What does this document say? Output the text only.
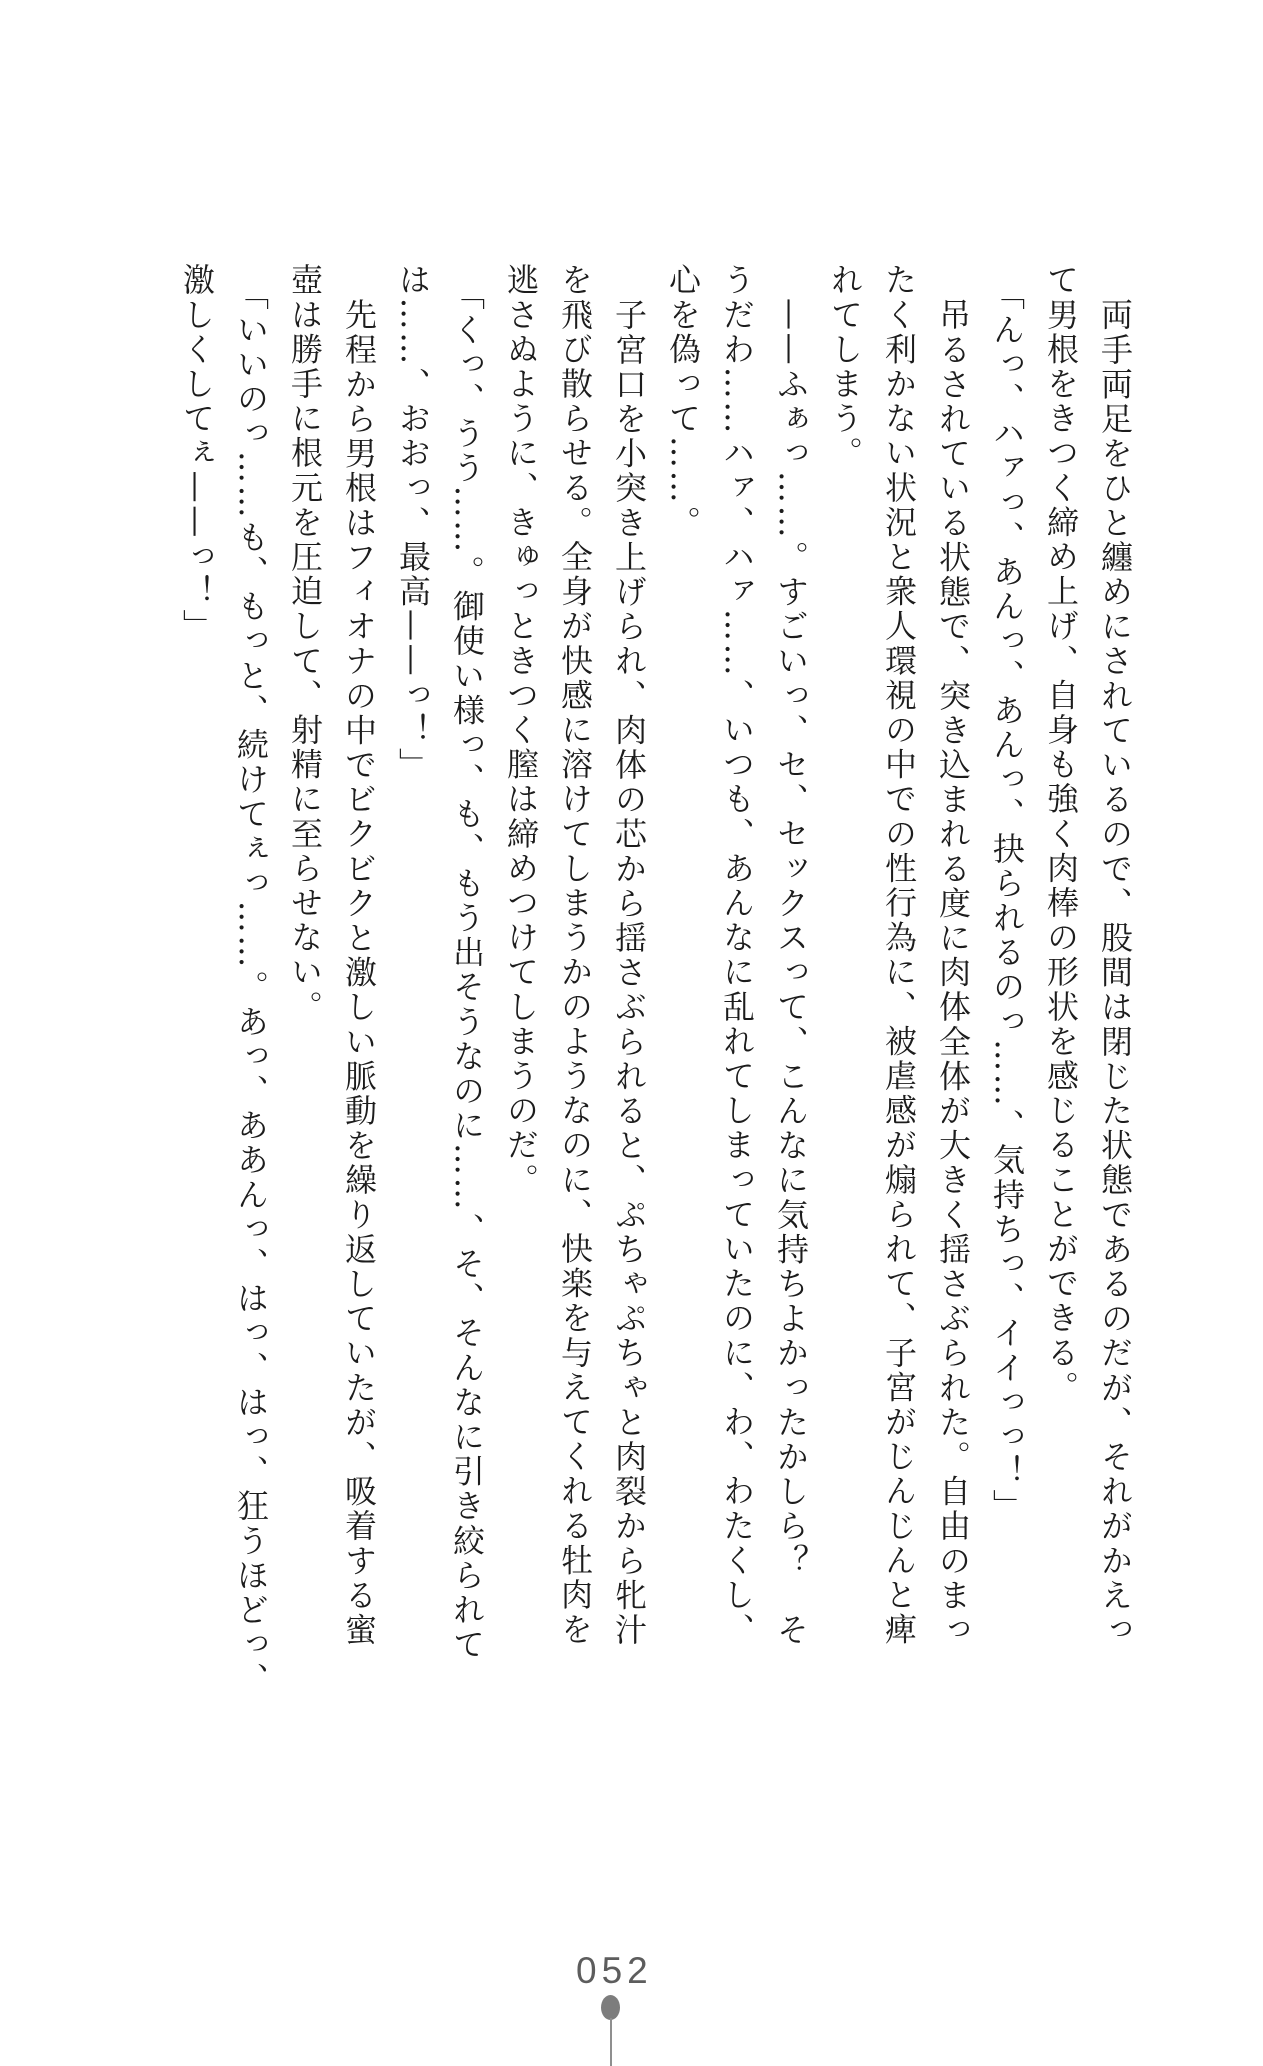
両手両足をひと纏めにされているので、股間は閉じた状態であるのだが、それがかえっ

て男根をきつく締め上げ、自身も強く肉棒の形状を感じることができる。

「んっ、ハァっ、あんっ、あんっ、抉られるのっ……、気持ちっ、イイっっ！」

吊るされている状態で、突き込まれる度に肉体全体が大きく揺さぶられた。自由のまっ

たく利かない状況と衆人環視の中での性行為に、被虐感が煽られて、子宮がじんじんと痺

れてしまう。

——ふぁっ……。すごいっ、セ、セックスって、こんなに気持ちよかったかしら？　そ

うだわ……ハァ、ハァ……、いつも、あんなに乱れてしまっていたのに、わ、わたくし、

心を偽って……。

子宮口を小突き上げられ、肉体の芯から揺さぶられると、ぷちゃぷちゃと肉裂から牝汁

を飛び散らせる。全身が快感に溶けてしまうかのようなのに、快楽を与えてくれる牡肉を

逃さぬように、きゅっときつく膣は締めつけてしまうのだ。

「くっ、うう……。御使い様っ、も、もう出そうなのに……、そ、そんなに引き絞られて

は……、おおっ、最高——っ！」

先程から男根はフィオナの中でビクビクと激しい脈動を繰り返していたが、吸着する蜜

壺は勝手に根元を圧迫して、射精に至らせない。

「いいのっ……も、もっと、続けてぇっ……。あっ、ああんっ、はっ、はっ、狂うほどっ、

激しくしてぇ——っ！」

052
